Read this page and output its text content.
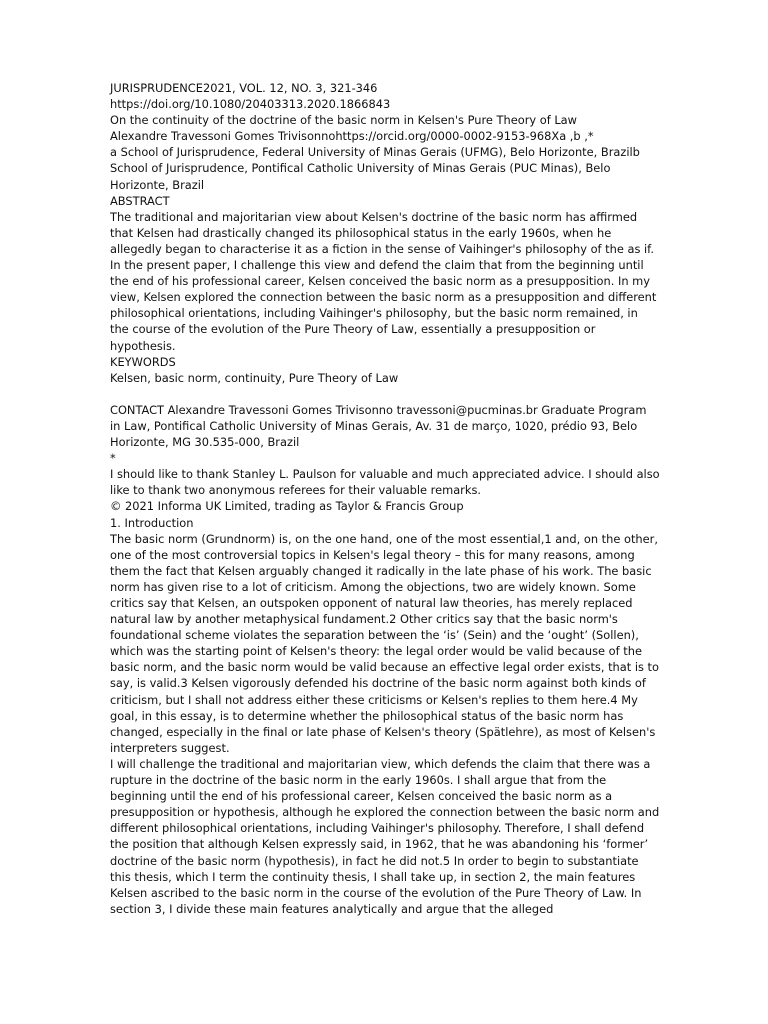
JURISPRUDENCE2021, VOL. 12, NO. 3, 321-346
https://doi.org/10.1080/20403313.2020.1866843
On the continuity of the doctrine of the basic norm in Kelsen's Pure Theory of Law
Alexandre Travessoni Gomes Trivisonnohttps://orcid.org/0000-0002-9153-968Xa ,b ,*
a School of Jurisprudence, Federal University of Minas Gerais (UFMG), Belo Horizonte, Brazilb School of Jurisprudence, Pontifical Catholic University of Minas Gerais (PUC Minas), Belo Horizonte, Brazil
ABSTRACT
The traditional and majoritarian view about Kelsen's doctrine of the basic norm has affirmed that Kelsen had drastically changed its philosophical status in the early 1960s, when he allegedly began to characterise it as a fiction in the sense of Vaihinger's philosophy of the as if. In the present paper, I challenge this view and defend the claim that from the beginning until the end of his professional career, Kelsen conceived the basic norm as a presupposition. In my view, Kelsen explored the connection between the basic norm as a presupposition and different philosophical orientations, including Vaihinger's philosophy, but the basic norm remained, in the course of the evolution of the Pure Theory of Law, essentially a presupposition or hypothesis.
KEYWORDS
Kelsen, basic norm, continuity, Pure Theory of Law
CONTACT Alexandre Travessoni Gomes Trivisonno travessoni@pucminas.br Graduate Program in Law, Pontifical Catholic University of Minas Gerais, Av. 31 de março, 1020, prédio 93, Belo Horizonte, MG 30.535-000, Brazil
*
I should like to thank Stanley L. Paulson for valuable and much appreciated advice. I should also like to thank two anonymous referees for their valuable remarks.
© 2021 Informa UK Limited, trading as Taylor & Francis Group
1. Introduction
The basic norm (Grundnorm) is, on the one hand, one of the most essential,1 and, on the other, one of the most controversial topics in Kelsen's legal theory – this for many reasons, among them the fact that Kelsen arguably changed it radically in the late phase of his work. The basic norm has given rise to a lot of criticism. Among the objections, two are widely known. Some critics say that Kelsen, an outspoken opponent of natural law theories, has merely replaced natural law by another metaphysical fundament.2 Other critics say that the basic norm's foundational scheme violates the separation between the ‘is’ (Sein) and the ‘ought’ (Sollen), which was the starting point of Kelsen's theory: the legal order would be valid because of the basic norm, and the basic norm would be valid because an effective legal order exists, that is to say, is valid.3 Kelsen vigorously defended his doctrine of the basic norm against both kinds of criticism, but I shall not address either these criticisms or Kelsen's replies to them here.4 My goal, in this essay, is to determine whether the philosophical status of the basic norm has changed, especially in the final or late phase of Kelsen's theory (Spätlehre), as most of Kelsen's interpreters suggest.
I will challenge the traditional and majoritarian view, which defends the claim that there was a rupture in the doctrine of the basic norm in the early 1960s. I shall argue that from the beginning until the end of his professional career, Kelsen conceived the basic norm as a presupposition or hypothesis, although he explored the connection between the basic norm and different philosophical orientations, including Vaihinger's philosophy. Therefore, I shall defend the position that although Kelsen expressly said, in 1962, that he was abandoning his ‘former’ doctrine of the basic norm (hypothesis), in fact he did not.5 In order to begin to substantiate this thesis, which I term the continuity thesis, I shall take up, in section 2, the main features Kelsen ascribed to the basic norm in the course of the evolution of the Pure Theory of Law. In section 3, I divide these main features analytically and argue that the alleged
